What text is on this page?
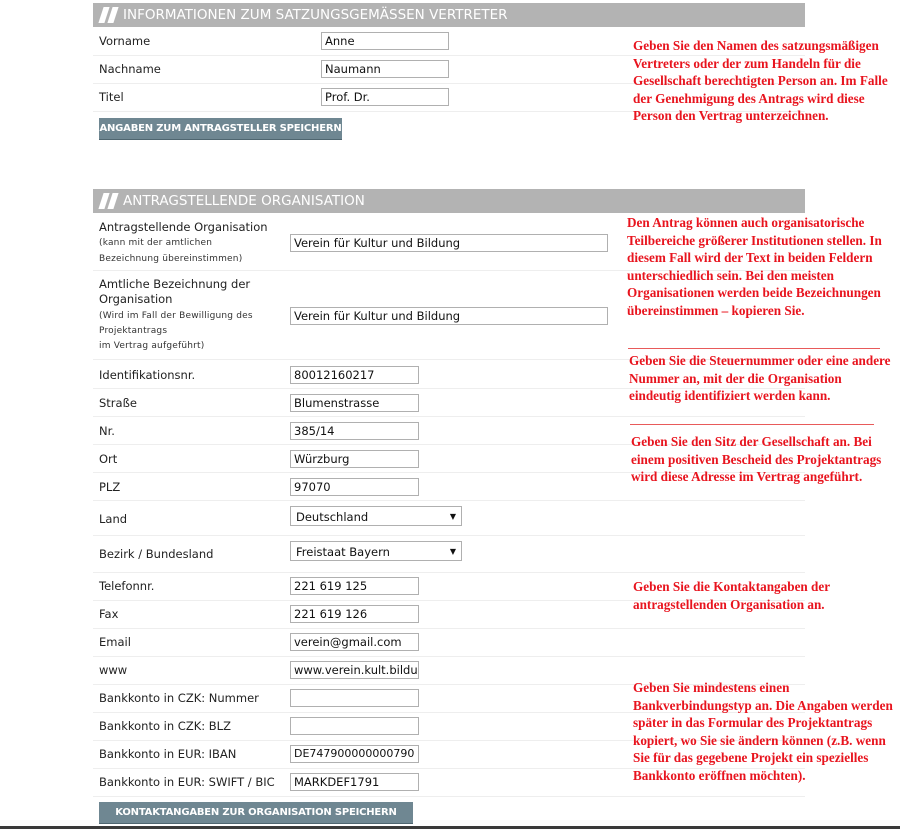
INFORMATIONEN ZUM SATZUNGSGEMÄSSEN VERTRETER
Vorname	Anne
Nachname	Naumann
Titel	Prof. Dr.
ANGABEN ZUM ANTRAGSTELLER SPEICHERN
Geben Sie den Namen des satzungsmäßigen Vertreters oder der zum Handeln für die Gesellschaft berechtigten Person an. Im Falle der Genehmigung des Antrags wird diese Person den Vertrag unterzeichnen.
ANTRAGSTELLENDE ORGANISATION
Antragstellende Organisation
(kann mit der amtlichen
Bezeichnung übereinstimmen)
Verein für Kultur und Bildung
Amtliche Bezeichnung der
Organisation
(Wird im Fall der Bewilligung des
Projektantrags
im Vertrag aufgeführt)
Verein für Kultur und Bildung
Identifikationsnr.	80012160217
Straße	Blumenstrasse
Nr.	385/14
Ort	Würzburg
PLZ	97070
Land	Deutschland	▼
Bezirk / Bundesland	Freistaat Bayern	▼
Telefonnr.	221 619 125
Fax	221 619 126
Email	verein@gmail.com
www	www.verein.kult.bildu
Bankkonto in CZK: Nummer
Bankkonto in CZK: BLZ
Bankkonto in EUR: IBAN	DE747900000000790
Bankkonto in EUR: SWIFT / BIC	MARKDEF1791
KONTAKTANGABEN ZUR ORGANISATION SPEICHERN
Den Antrag können auch organisatorische Teilbereiche größerer Institutionen stellen. In diesem Fall wird der Text in beiden Feldern unterschiedlich sein. Bei den meisten Organisationen werden beide Bezeichnungen übereinstimmen – kopieren Sie.
Geben Sie die Steuernummer oder eine andere Nummer an, mit der die Organisation eindeutig identifiziert werden kann.
Geben Sie den Sitz der Gesellschaft an. Bei einem positiven Bescheid des Projektantrags wird diese Adresse im Vertrag angeführt.
Geben Sie die Kontaktangaben der antragstellenden Organisation an.
Geben Sie mindestens einen Bankverbindungstyp an. Die Angaben werden später in das Formular des Projektantrags kopiert, wo Sie sie ändern können (z.B. wenn Sie für das gegebene Projekt ein spezielles Bankkonto eröffnen möchten).
